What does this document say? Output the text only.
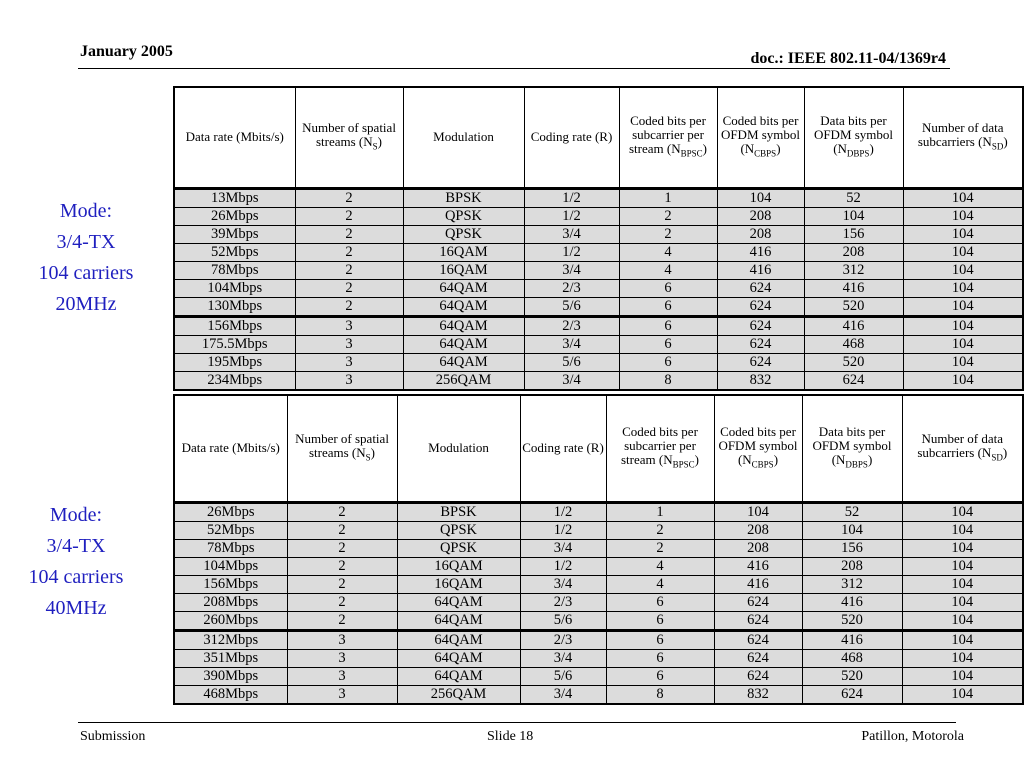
January 2005	doc.: IEEE 802.11-04/1369r4
Mode:
3/4-TX
104 carriers
20MHz
Mode:
3/4-TX
104 carriers
40MHz
Data rate (Mbits/s)	Number of spatial streams $(N_S)$	Modulation	Coding rate (R)	Coded bits per subcarrier per stream $(N_{BPSC})$	Coded bits per OFDM symbol $(N_{CBPS})$	Data bits per OFDM symbol $(N_{DBPS})$	Number of data subcarriers $(N_{SD})$
13Mbps	2	BPSK	1/2	1	104	52	104
26Mbps	2	QPSK	1/2	2	208	104	104
39Mbps	2	QPSK	3/4	2	208	156	104
52Mbps	2	16QAM	1/2	4	416	208	104
78Mbps	2	16QAM	3/4	4	416	312	104
104Mbps	2	64QAM	2/3	6	624	416	104
130Mbps	2	64QAM	5/6	6	624	520	104
156Mbps	3	64QAM	2/3	6	624	416	104
175.5Mbps	3	64QAM	3/4	6	624	468	104
195Mbps	3	64QAM	5/6	6	624	520	104
234Mbps	3	256QAM	3/4	8	832	624	104
Data rate (Mbits/s)	Number of spatial streams $(N_S)$	Modulation	Coding rate (R)	Coded bits per subcarrier per stream $(N_{BPSC})$	Coded bits per OFDM symbol $(N_{CBPS})$	Data bits per OFDM symbol $(N_{DBPS})$	Number of data subcarriers $(N_{SD})$
26Mbps	2	BPSK	1/2	1	104	52	104
52Mbps	2	QPSK	1/2	2	208	104	104
78Mbps	2	QPSK	3/4	2	208	156	104
104Mbps	2	16QAM	1/2	4	416	208	104
156Mbps	2	16QAM	3/4	4	416	312	104
208Mbps	2	64QAM	2/3	6	624	416	104
260Mbps	2	64QAM	5/6	6	624	520	104
312Mbps	3	64QAM	2/3	6	624	416	104
351Mbps	3	64QAM	3/4	6	624	468	104
390Mbps	3	64QAM	5/6	6	624	520	104
468Mbps	3	256QAM	3/4	8	832	624	104
Submission	Slide 18	Patillon, Motorola
